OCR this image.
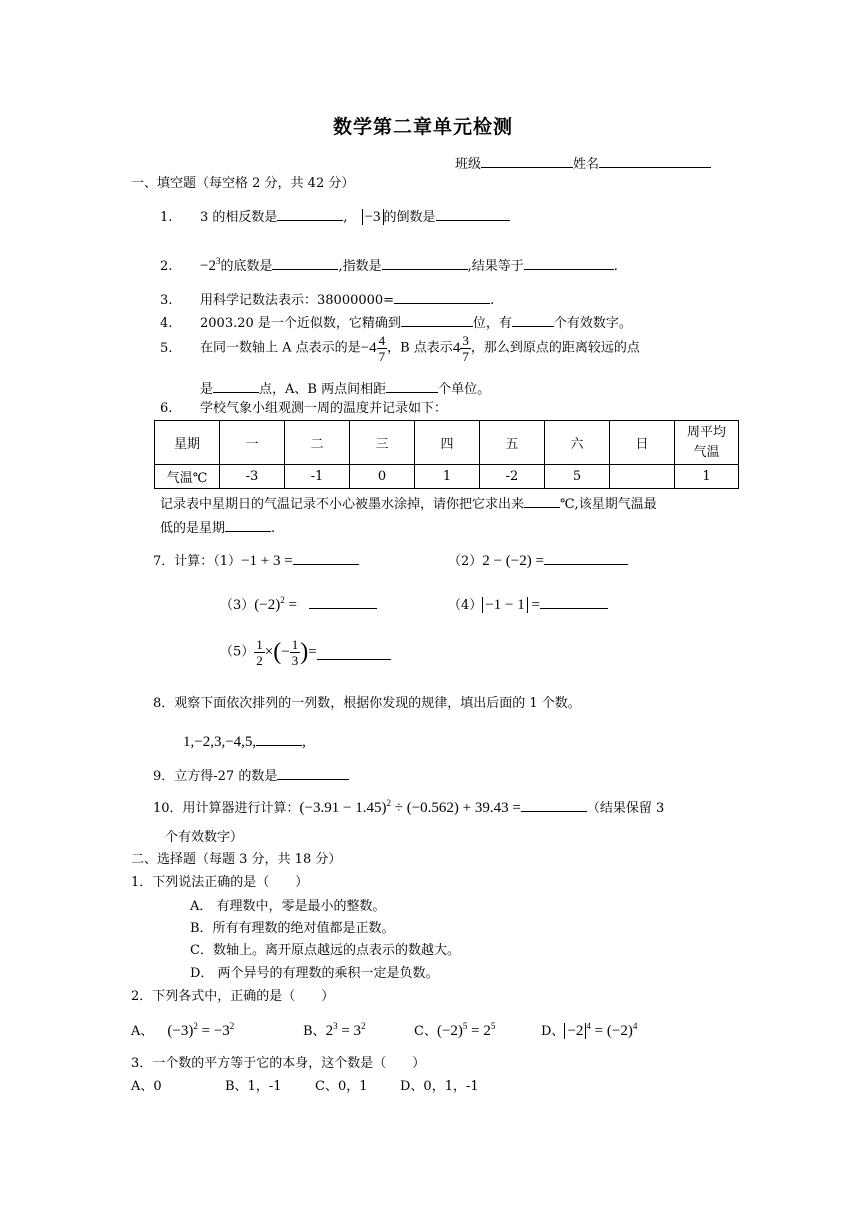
数学第二章单元检测
班级	姓名
一、填空题（每空格 2 分，共 42 分）
1. 3 的相反数是	, −3 的倒数是
2. $-2^3$的底数是	,指数是	,结果等于	.
3. 用科学记数法表示：38000000=	.
4. 2003.20 是一个近似数，它精确到	位，有	个有效数字。
5. 在同一数轴上 A 点表示的是$-4 \frac{4}{7}$ ，B 点表示$4 \frac{3}{7}$ ，那么到原点的距离较远的点
是	点，A、B 两点间相距	个单位。
6. 学校气象小组观测一周的温度并记录如下：
星期	一	二	三	四	五	六	日	周平均
气温

气温℃	-3	-1	0	1	-2	5		1
记录表中星期日的气温记录不小心被墨水涂掉，请你把它求出来	℃,该星期气温最
低的是星期	.
7．计算：（1）−1 + 3 =	（2）2 − (−2) =
$(3)(-2)^2$ =	（4） −1 − 1 =
$(5) \frac{1}{2}$ ×(− $\frac{1}{3}$ )=
8．观察下面依次排列的一列数，根据你发现的规律，填出后面的 1 个数。
1,−2,3,−4,5,	,
9．立方得-27 的数是
10．用计算器进行计算：$(-3.91 - 1.45)^2 \div (-0.562) + 39.43$ =	（结果保留 3
个有效数字）
二、选择题（每题 3 分，共 18 分）
1．下列说法正确的是（　　）
A． 有理数中，零是最小的整数。
B．所有有理数的绝对值都是正数。
C．数轴上。离开原点越远的点表示的数越大。
D． 两个异号的有理数的乘积一定是负数。
2．下列各式中，正确的是（　　）
A、 $(-3)^2 = -3^2$	B、$2^3 = 3^2$	C、$(-2)^5 = 2^5$	D、 −2 $^4 = (-2)^4$
3．一个数的平方等于它的本身，这个数是（　　）
A、0	B、1，-1	C、0，1	D、0，1，-1
